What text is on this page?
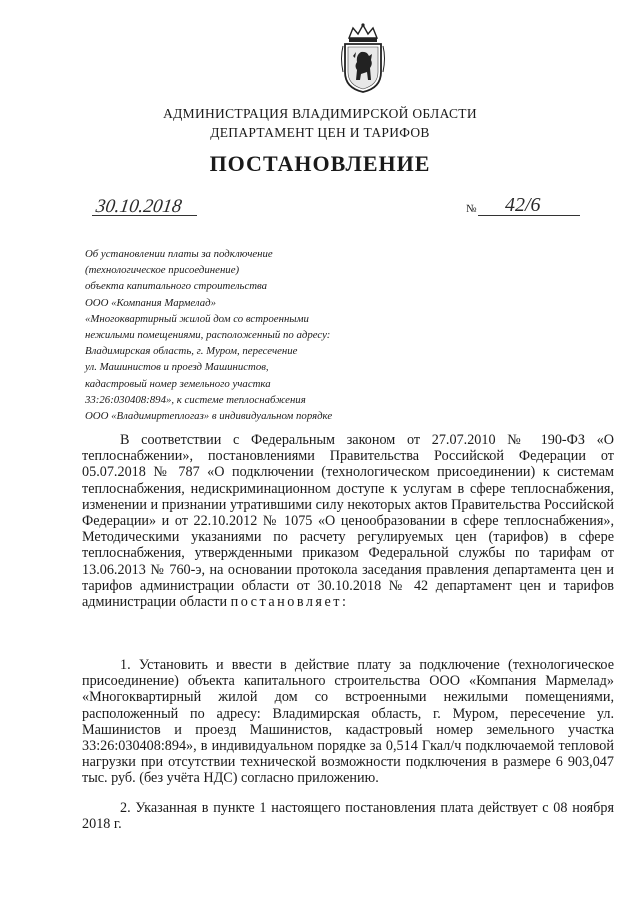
АДМИНИСТРАЦИЯ ВЛАДИМИРСКОЙ ОБЛАСТИ
ДЕПАРТАМЕНТ ЦЕН И ТАРИФОВ
ПОСТАНОВЛЕНИЕ
30.10.2018	№ 42/6
Об установлении платы за подключение
(технологическое присоединение)
объекта капитального строительства
ООО «Компания Мармелад»
«Многоквартирный жилой дом со встроенными
нежилыми помещениями, расположенный по адресу:
Владимирская область, г. Муром, пересечение
ул. Машинистов и проезд Машинистов,
кадастровый номер земельного участка
33:26:030408:894», к системе теплоснабжения
ООО «Владимиртеплогаз» в индивидуальном порядке
В соответствии с Федеральным законом от 27.07.2010 № 190-ФЗ «О теплоснабжении», постановлениями Правительства Российской Федерации от 05.07.2018 № 787 «О подключении (технологическом присоединении) к системам теплоснабжения, недискриминационном доступе к услугам в сфере теплоснабжения, изменении и признании утратившими силу некоторых актов Правительства Российской Федерации» и от 22.10.2012 № 1075 «О ценообразовании в сфере теплоснабжения», Методическими указаниями по расчету регулируемых цен (тарифов) в сфере теплоснабжения, утвержденными приказом Федеральной службы по тарифам от 13.06.2013 № 760-э, на основании протокола заседания правления департамента цен и тарифов администрации области от 30.10.2018 № 42 департамент цен и тарифов администрации области постановляет:
1. Установить и ввести в действие плату за подключение (технологическое присоединение) объекта капитального строительства ООО «Компания Мармелад» «Многоквартирный жилой дом со встроенными нежилыми помещениями, расположенный по адресу: Владимирская область, г. Муром, пересечение ул. Машинистов и проезд Машинистов, кадастровый номер земельного участка 33:26:030408:894», в индивидуальном порядке за 0,514 Гкал/ч подключаемой тепловой нагрузки при отсутствии технической возможности подключения в размере 6 903,047 тыс. руб. (без учёта НДС) согласно приложению.
2. Указанная в пункте 1 настоящего постановления плата действует с 08 ноября 2018 г.
